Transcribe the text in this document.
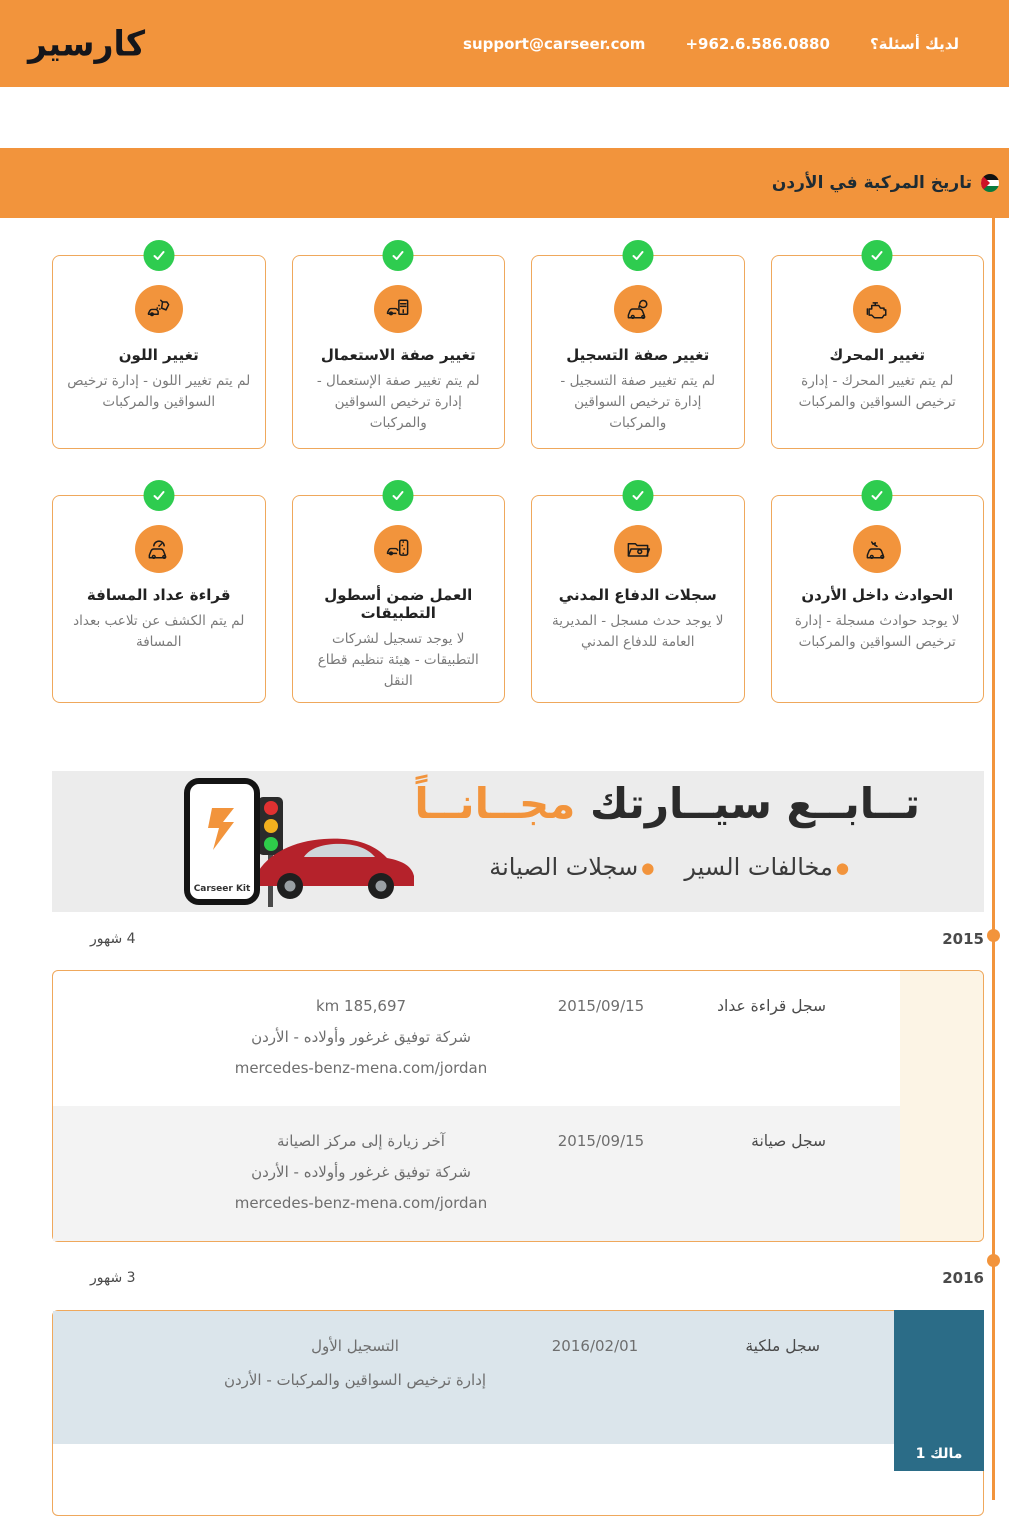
لديك أسئلة؟
+962.6.586.0880
support@carseer.com
كارسير
تاريخ المركبة في الأردن
تغيير المحرك

لم يتم تغيير المحرك - إدارة ترخيص السواقين والمركبات

تغيير صفة التسجيل

لم يتم تغيير صفة التسجيل - إدارة ترخيص السواقين والمركبات

تغيير صفة الاستعمال

لم يتم تغيير صفة الإستعمال - إدارة ترخيص السواقين والمركبات

تغيير اللون

لم يتم تغيير اللون - إدارة ترخيص السواقين والمركبات

الحوادث داخل الأردن

لا يوجد حوادث مسجلة - إدارة ترخيص السواقين والمركبات

سجلات الدفاع المدني

لا يوجد حدث مسجل - المديرية العامة للدفاع المدني

العمل ضمن أسطول التطبيقات

لا يوجد تسجيل لشركات التطبيقات - هيئة تنظيم قطاع النقل

قراءة عداد المسافة

لم يتم الكشف عن تلاعب بعداد المسافة

Carseer Kit
تــابــع سيــارتك مجــانــاً
●مخالفات السير
●سجلات الصيانة
2015
4 شهور
سجل قراءة عداد
2015/09/15
185,697 km
شركة توفيق غرغور وأولاده - الأردن
mercedes-benz-mena.com/jordan
سجل صيانة
2015/09/15
آخر زيارة إلى مركز الصيانة
شركة توفيق غرغور وأولاده - الأردن
mercedes-benz-mena.com/jordan
2016
3 شهور
مالك 1
سجل ملكية
2016/02/01
التسجيل الأول
إدارة ترخيص السواقين والمركبات - الأردن
